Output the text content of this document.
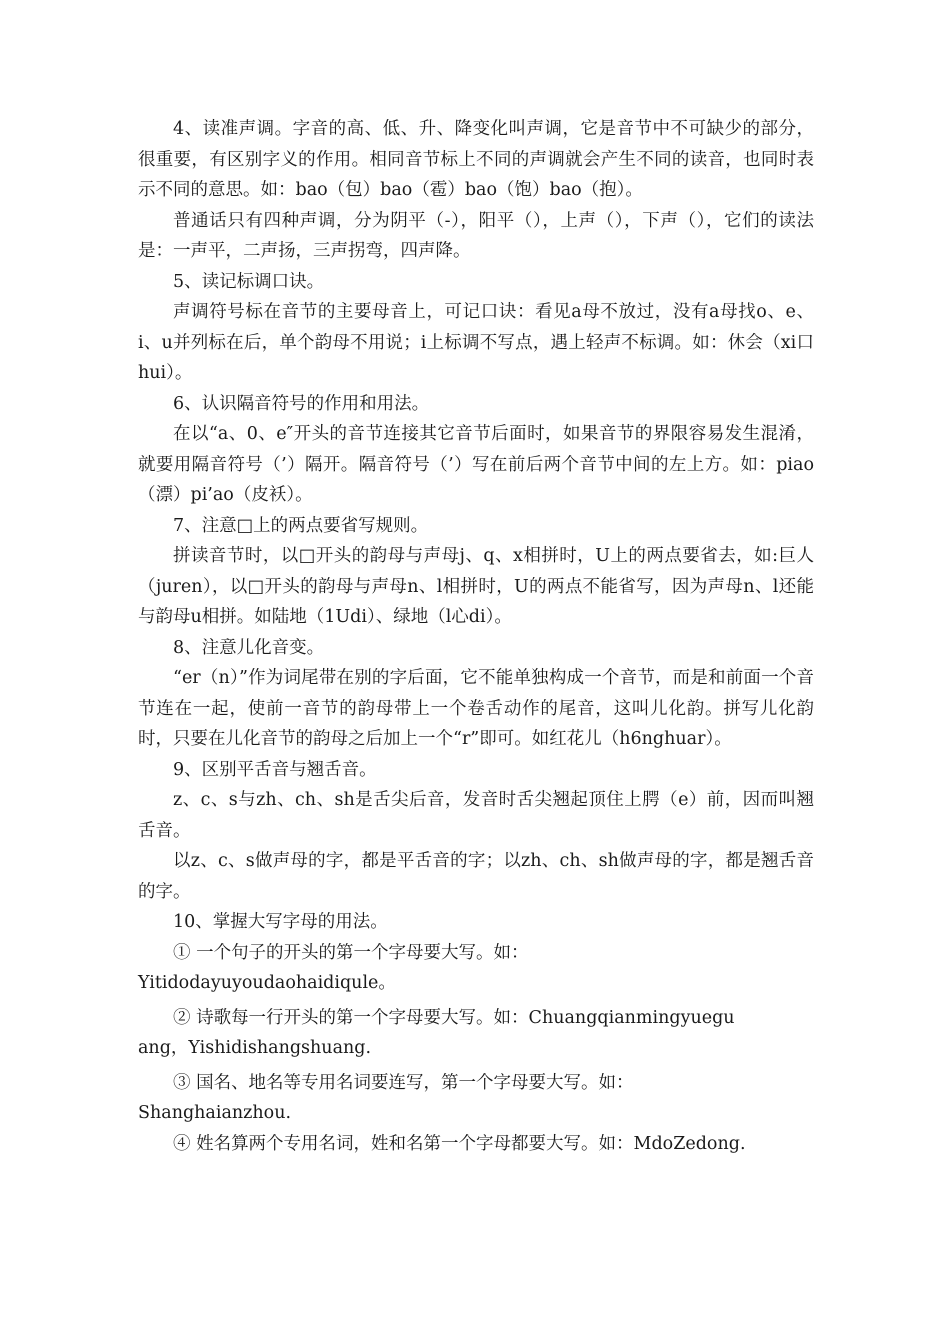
4、读准声调。字音的高、低、升、降变化叫声调，它是音节中不可缺少的部分，很重要，有区别字义的作用。相同音节标上不同的声调就会产生不同的读音，也同时表示不同的意思。如：bao（包）bao（雹）bao（饱）bao（抱）。

普通话只有四种声调，分为阴平（-），阳平（），上声（），下声（），它们的读法是：一声平，二声扬，三声拐弯，四声降。

5、读记标调口诀。

声调符号标在音节的主要母音上，可记口诀：看见a母不放过，没有a母找o、e、i、u并列标在后，单个韵母不用说；i上标调不写点，遇上轻声不标调。如：休会（xi口hui）。

6、认识隔音符号的作用和用法。

在以“a、0、e″开头的音节连接其它音节后面时，如果音节的界限容易发生混淆，就要用隔音符号（’）隔开。隔音符号（’）写在前后两个音节中间的左上方。如：piao（漂）pi’ao（皮袄）。

7、注意□上的两点要省写规则。

拼读音节时，以□开头的韵母与声母j、q、x相拼时，U上的两点要省去，如:巨人（juren），以□开头的韵母与声母n、l相拼时，U的两点不能省写，因为声母n、l还能与韵母u相拼。如陆地（1Udi）、绿地（l心di）。

8、注意儿化音变。

“er（n）”作为词尾带在别的字后面，它不能单独构成一个音节，而是和前面一个音节连在一起，使前一音节的韵母带上一个卷舌动作的尾音，这叫儿化韵。拼写儿化韵时，只要在儿化音节的韵母之后加上一个“r”即可。如红花儿（h6nghuar）。

9、区别平舌音与翘舌音。

z、c、s与zh、ch、sh是舌尖后音，发音时舌尖翘起顶住上腭（e）前，因而叫翘舌音。

以z、c、s做声母的字，都是平舌音的字；以zh、ch、sh做声母的字，都是翘舌音的字。

10、掌握大写字母的用法。

① 一个句子的开头的第一个字母要大写。如：

Yitidodayuyoudaohaidiqule。

② 诗歌每一行开头的第一个字母要大写。如：Chuangqianmingyuegu

ang，Yishidishangshuang.

③ 国名、地名等专用名词要连写，第一个字母要大写。如：

Shanghaianzhou.

④ 姓名算两个专用名词，姓和名第一个字母都要大写。如：MdoZedong.
